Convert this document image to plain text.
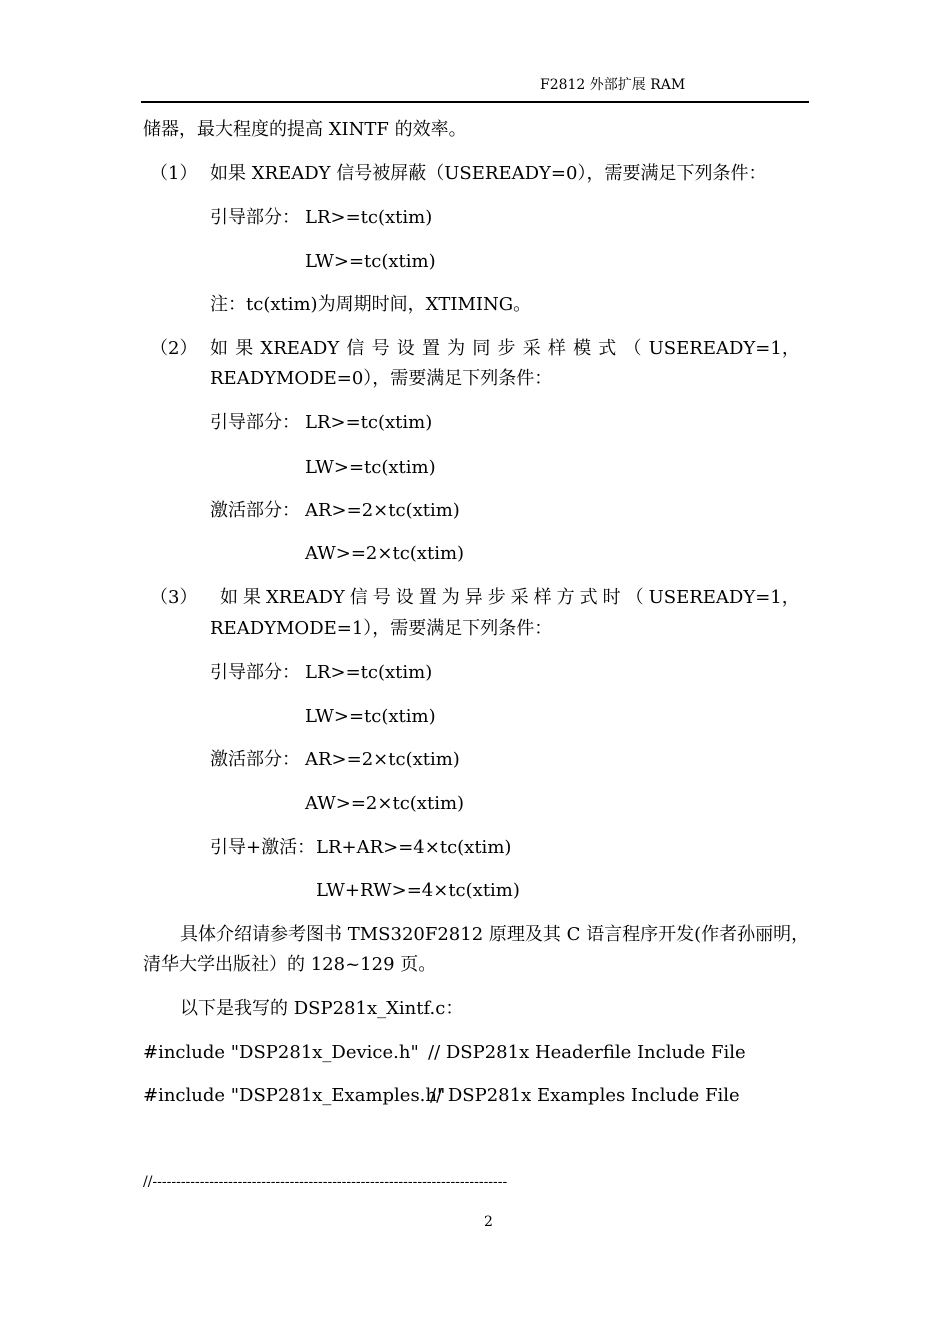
F2812 外部扩展 RAM
储器，最大程度的提高 XINTF 的效率。
（1） 如果 XREADY 信号被屏蔽（USEREADY=0），需要满足下列条件：
引导部分： LR>=tc(xtim)
LW>=tc(xtim)
注：tc(xtim)为周期时间，XTIMING。
（2） 如 果 XREADY 信 号 设 置 为 同 步 采 样 模 式 （ USEREADY=1，
READYMODE=0），需要满足下列条件：
引导部分： LR>=tc(xtim)
LW>=tc(xtim)
激活部分： AR>=2×tc(xtim)
AW>=2×tc(xtim)
（3） 如 果 XREADY 信 号 设 置 为 异 步 采 样 方 式 时 （ USEREADY=1，
READYMODE=1），需要满足下列条件：
引导部分： LR>=tc(xtim)
LW>=tc(xtim)
激活部分： AR>=2×tc(xtim)
AW>=2×tc(xtim)
引导+激活： LR+AR>=4×tc(xtim)
LW+RW>=4×tc(xtim)
具体介绍请参考图书 TMS320F2812 原理及其 C 语言程序开发(作者孙丽明，
清华大学出版社）的 128~129 页。
以下是我写的 DSP281x_Xintf.c：
#include "DSP281x_Device.h" // DSP281x Headerfile Include File
#include "DSP281x_Examples.h"
// DSP281x Examples Include File
//---------------------------------------------------------------------------
2
